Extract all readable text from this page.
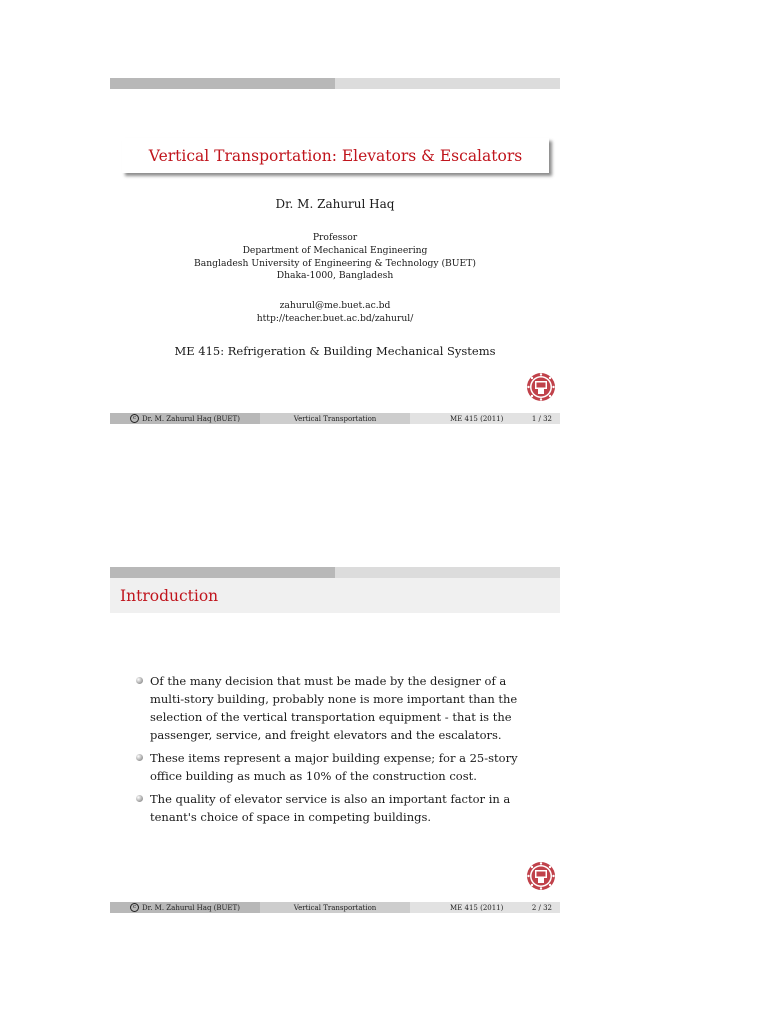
Vertical Transportation: Elevators & Escalators
Dr. M. Zahurul Haq
Professor
Department of Mechanical Engineering
Bangladesh University of Engineering & Technology (BUET)
Dhaka-1000, Bangladesh
zahurul@me.buet.ac.bd
http://teacher.buet.ac.bd/zahurul/
ME 415: Refrigeration & Building Mechanical Systems
c Dr. M. Zahurul Haq (BUET)	Vertical Transportation	ME 415 (2011)	1 / 32
Introduction
Of the many decision that must be made by the designer of a multi-story building, probably none is more important than the selection of the vertical transportation equipment - that is the passenger, service, and freight elevators and the escalators.
These items represent a major building expense; for a 25-story office building as much as 10% of the construction cost.
The quality of elevator service is also an important factor in a tenant's choice of space in competing buildings.
c Dr. M. Zahurul Haq (BUET)	Vertical Transportation	ME 415 (2011)	2 / 32
